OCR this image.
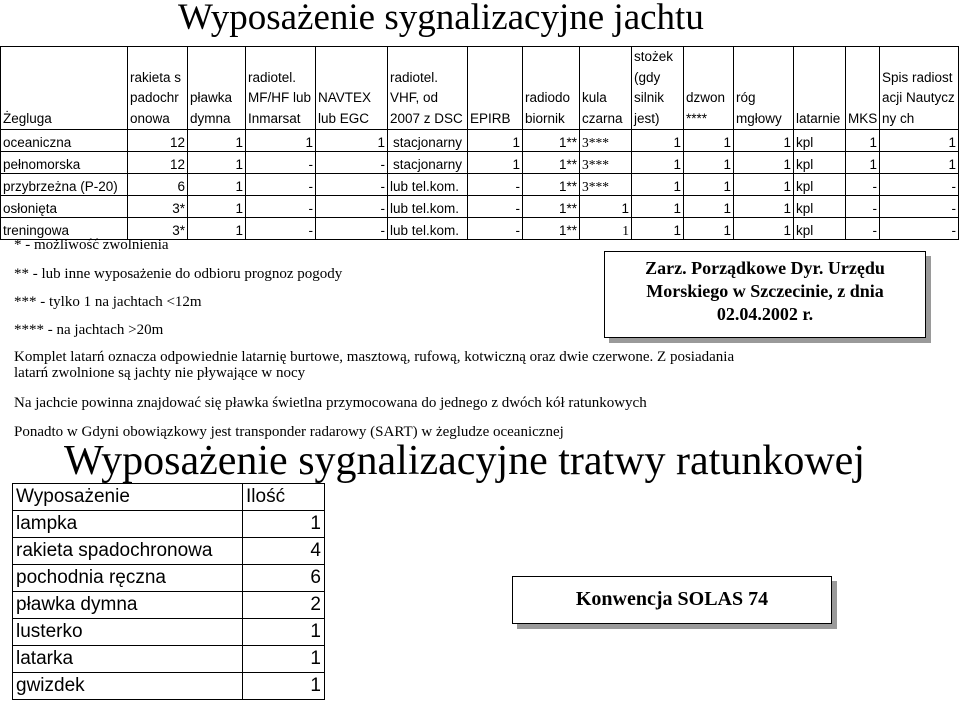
Wyposażenie sygnalizacyjne jachtu
Żegluga	rakieta spadochronowa	pławka dymna	radiotel. MF/HF lub Inmarsat	NAVTEX lub EGC	radiotel. VHF, od 2007 z DSC	EPIRB	radiodobiornik	kula czarna	stożek (gdy silnik jest)	dzwon ****	róg mgłowy	latarnie	MKS	Spis radiostacji Nautyczny ch
oceaniczna	12	1	1	1	stacjonarny	1	1**	3***	1	1	1	kpl	1	1
pełnomorska	12	1	-	-	stacjonarny	1	1**	3***	1	1	1	kpl	1	1
przybrzeżna (P-20)	6	1	-	-	lub tel.kom.	-	1**	3***	1	1	1	kpl	-	-
osłonięta	3*	1	-	-	lub tel.kom.	-	1**	1	1	1	1	kpl	-	-
treningowa	3*	1	-	-	lub tel.kom.	-	1**	1	1	1	1	kpl	-	-
* - możliwość zwolnienia
** - lub inne wyposażenie do odbioru prognoz pogody
*** - tylko 1 na jachtach <12m
**** - na jachtach >20m
Zarz. Porządkowe Dyr. Urzędu
Morskiego w Szczecinie, z dnia
02.04.2002 r.
Komplet latarń oznacza odpowiednie latarnię burtowe, masztową, rufową, kotwiczną oraz dwie czerwone. Z posiadania
latarń zwolnione są jachty nie pływające w nocy
Na jachcie powinna znajdować się pławka świetlna przymocowana do jednego z dwóch kół ratunkowych
Ponadto w Gdyni obowiązkowy jest transponder radarowy (SART) w żegludze oceanicznej
Wyposażenie sygnalizacyjne tratwy ratunkowej
Wyposażenie	Ilość
lampka	1
rakieta spadochronowa	4
pochodnia ręczna	6
pławka dymna	2
lusterko	1
latarka	1
gwizdek	1
Konwencja SOLAS 74
